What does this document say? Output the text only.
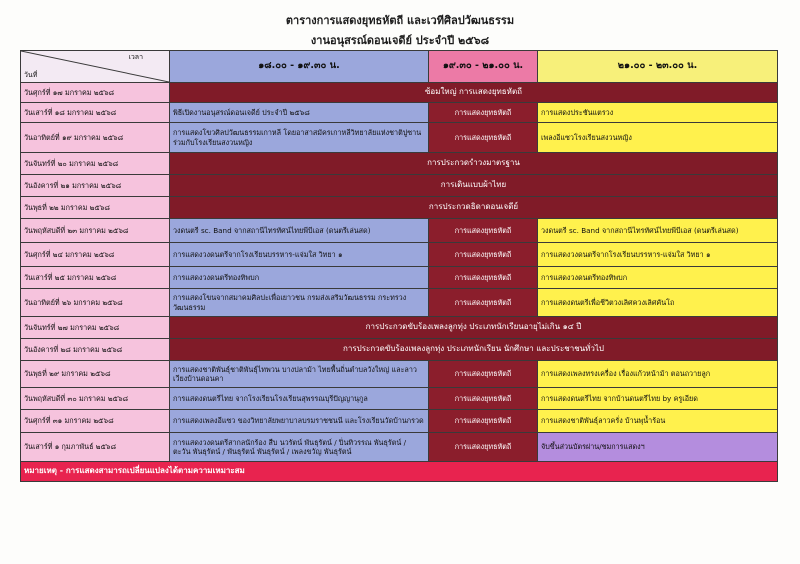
ตารางการแสดงยุทธหัตถี และเวทีศิลปวัฒนธรรม
งานอนุสรณ์ดอนเจดีย์ ประจำปี ๒๕๖๘
เวลา
วันที่	๑๘.๐๐ - ๑๙.๓๐ น.	๑๙.๓๐ - ๒๑.๐๐ น.	๒๑.๐๐ - ๒๓.๐๐ น.
วันศุกร์ที่ ๑๗ มกราคม ๒๕๖๘	ซ้อมใหญ่ การแสดงยุทธหัตถี		
วันเสาร์ที่ ๑๘ มกราคม ๒๕๖๘	พิธีเปิดงานอนุสรณ์ดอนเจดีย์ ประจำปี ๒๕๖๘	การแสดงยุทธหัตถี	การแสดงประชันแตรวง
วันอาทิตย์ที่ ๑๙ มกราคม ๒๕๖๘	การแสดงโขวศิลปวัฒนธรรมเกาหลี โดยอาสาสมัครเกาหลีวิทยาลัยแห่งชาติปูซาน ร่วมกับโรงเรียนสงวนหญิง	การแสดงยุทธหัตถี	เพลงอีแซวโรงเรียนสงวนหญิง
วันจันทร์ที่ ๒๐ มกราคม ๒๕๖๘	การประกวดรำวงมาตรฐาน		
วันอังคารที่ ๒๑ มกราคม ๒๕๖๘	การเดินแบบผ้าไทย		
วันพุธที่ ๒๒ มกราคม ๒๕๖๘	การประกวดธิดาดอนเจดีย์		
วันพฤหัสบดีที่ ๒๓ มกราคม ๒๕๖๘	วงดนตรี sc. Band จากสถานีไทรทัศน์ไทยพีบีเอส (ดนตรีเล่นสด)	การแสดงยุทธหัตถี	วงดนตรี sc. Band จากสถานีไทรทัศน์ไทยพีบีเอส (ดนตรีเล่นสด)
วันศุกร์ที่ ๒๔ มกราคม ๒๕๖๘	การแสดงวงดนตรีจากโรงเรียนบรรหาร-แจ่มใส วิทยา ๑	การแสดงยุทธหัตถี	การแสดงวงดนตรีจากโรงเรียนบรรหาร-แจ่มใส วิทยา ๑
วันเสาร์ที่ ๒๕ มกราคม ๒๕๖๘	การแสดงวงดนตรีทองทิพบก	การแสดงยุทธหัตถี	การแสดงวงดนตรีทองทิพบก
วันอาทิตย์ที่ ๒๖ มกราคม ๒๕๖๘	การแสดงโขนจากสมาคมศิลปะเพื่อเยาวชน กรมส่งเสริมวัฒนธรรม กระทรวงวัฒนธรรม	การแสดงยุทธหัตถี	การแสดงดนตรีเพื่อชีวิตวงเลิศควงเลิศคันโถ
วันจันทร์ที่ ๒๗ มกราคม ๒๕๖๘	การประกวดขับร้องเพลงลูกทุ่ง ประเภทนักเรียนอายุไม่เกิน ๑๔ ปี		
วันอังคารที่ ๒๘ มกราคม ๒๕๖๘	การประกวดขับร้องเพลงลูกทุ่ง ประเภทนักเรียน นักศึกษา และประชาชนทั่วไป		
วันพุธที่ ๒๙ มกราคม ๒๕๖๘	การแสดงชาติพันธุ์ชาติพันธุ์ไทพวน บางปลาม้า ไทยพื้นถิ่นตำบลวังใหญ่ และลาวเวียงบ้านดอนคา	การแสดงยุทธหัตถี	การแสดงเพลงทรงเครื่อง เรื่องแก้วหน้าม้า ตอนถวายลูก
วันพฤหัสบดีที่ ๓๐ มกราคม ๒๕๖๘	การแสดงดนตรีไทย จากโรงเรียนโรงเรียนสุพรรณบุรีปัญญานุกูล	การแสดงยุทธหัตถี	การแสดงดนตรีไทย จากบ้านดนตรีไทย by ครูเอียด
วันศุกร์ที่ ๓๑ มกราคม ๒๕๖๘	การแสดงเพลงอีแซว ของวิทยาลัยพยาบาลบรมราชชนนี และโรงเรียนวัดบ้านกรวด	การแสดงยุทธหัตถี	การแสดงชาติพันธุ์ลาวครั่ง บ้านพุน้ำร้อน
วันเสาร์ที่ ๑ กุมภาพันธ์ ๒๕๖๘	การแสดงวงดนตรีสากลนักร้อง สืบ นวรัตน์ พันธุรัตน์ / ปิ่นทิวรรณ พันธุรัตน์ / ตะวัน พันธุรัตน์ / พันธุรัตน์ พันธุรัตน์ / เพลงขวัญ พันธุรัตน์	การแสดงยุทธหัตถี	จับขึ้นส่วนบัตรผ่าน/ชมการแสดงฯ
หมายเหตุ - การแสดงสามารถเปลี่ยนแปลงได้ตามความเหมาะสม			
